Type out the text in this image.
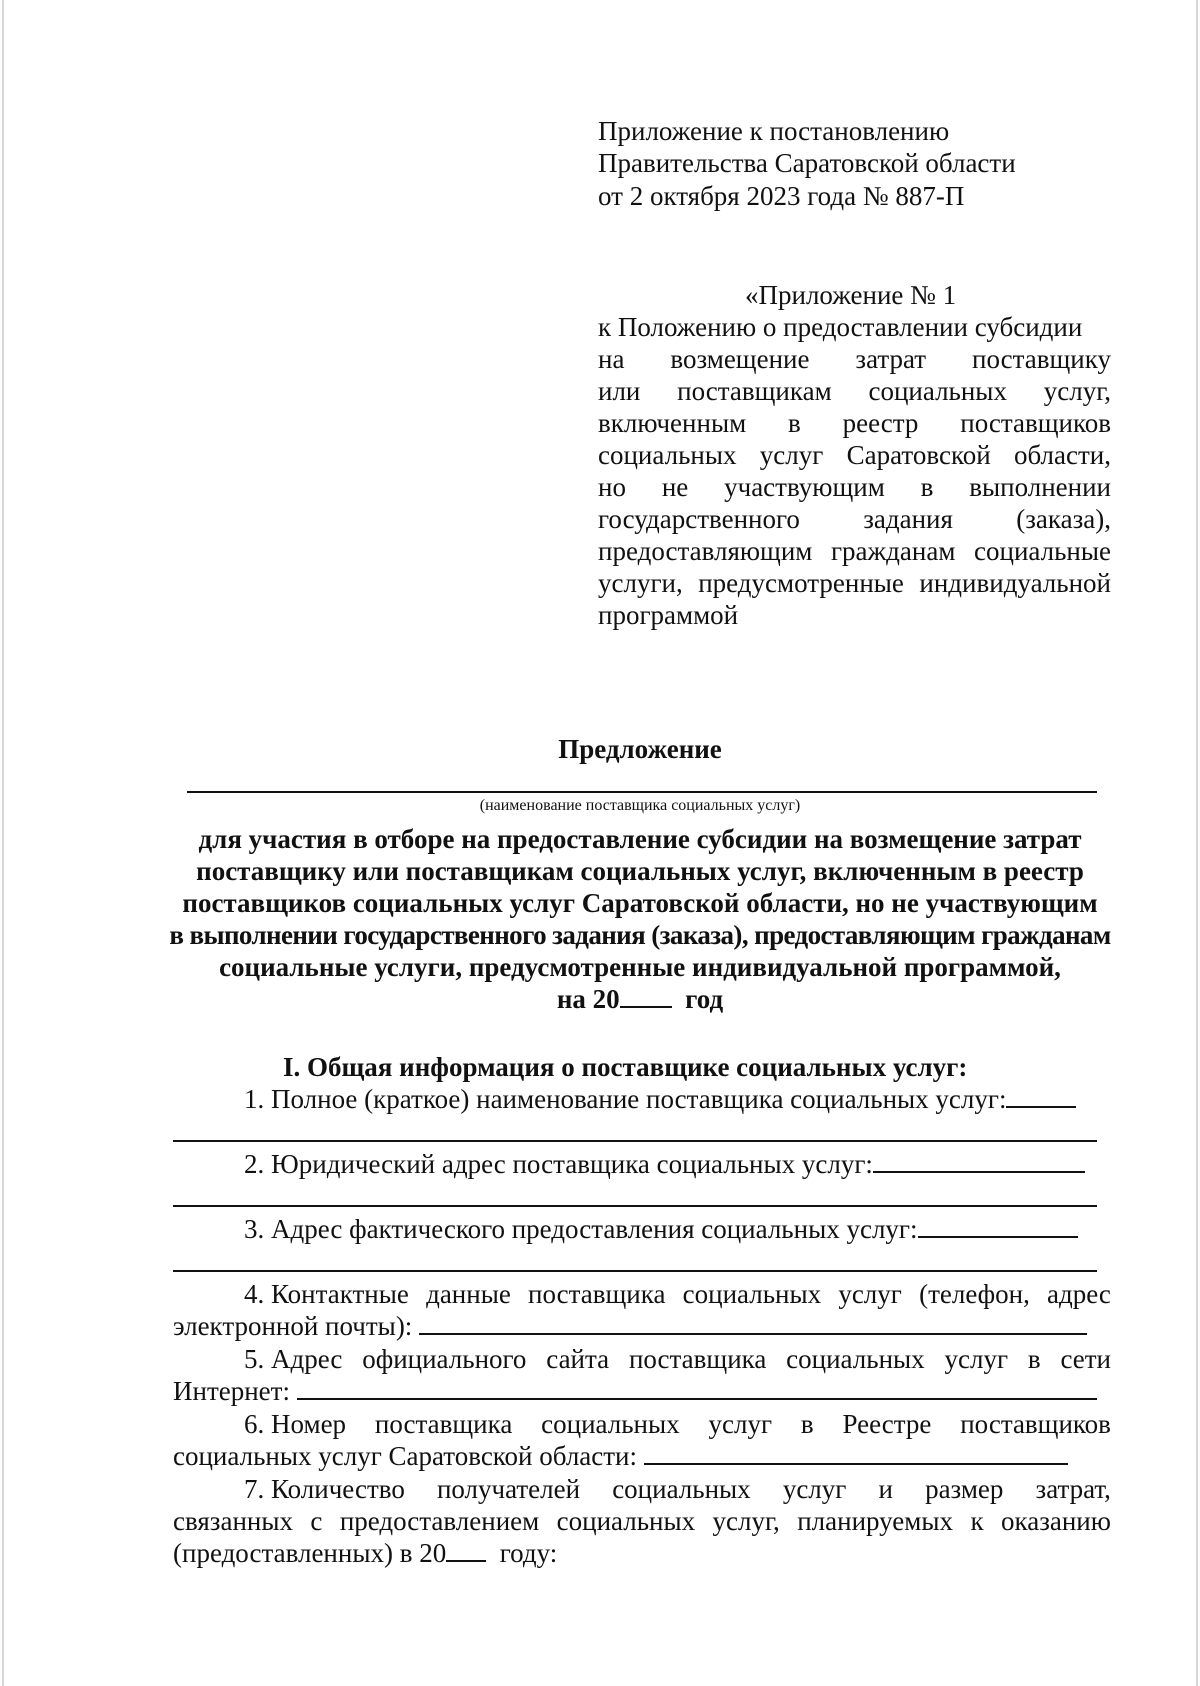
Приложение к постановлению
Правительства Саратовской области
от 2 октября 2023 года № 887-П
«Приложение № 1
к Положению о предоставлении субсидии
на возмещение затрат поставщику
или поставщикам социальных услуг,
включенным в реестр поставщиков
социальных услуг Саратовской области,
но не участвующим в выполнении
государственного задания (заказа),
предоставляющим гражданам социальные
услуги, предусмотренные индивидуальной
программой
Предложение
(наименование поставщика социальных услуг)
для участия в отборе на предоставление субсидии на возмещение затрат
поставщику или поставщикам социальных услуг, включенным в реестр
поставщиков социальных услуг Саратовской области, но не участвующим
в выполнении государственного задания (заказа), предоставляющим гражданам
социальные услуги, предусмотренные индивидуальной программой,
на 20 год
I. Общая информация о поставщике социальных услуг:
1. Полное (краткое) наименование поставщика социальных услуг:
2. Юридический адрес поставщика социальных услуг:
3. Адрес фактического предоставления социальных услуг:
4. Контактные данные поставщика социальных услуг (телефон, адрес
электронной почты):
5. Адрес официального сайта поставщика социальных услуг в сети
Интернет:
6. Номер поставщика социальных услуг в Реестре поставщиков
социальных услуг Саратовской области:
7. Количество получателей социальных услуг и размер затрат,
связанных с предоставлением социальных услуг, планируемых к оказанию
(предоставленных) в 20 году:
